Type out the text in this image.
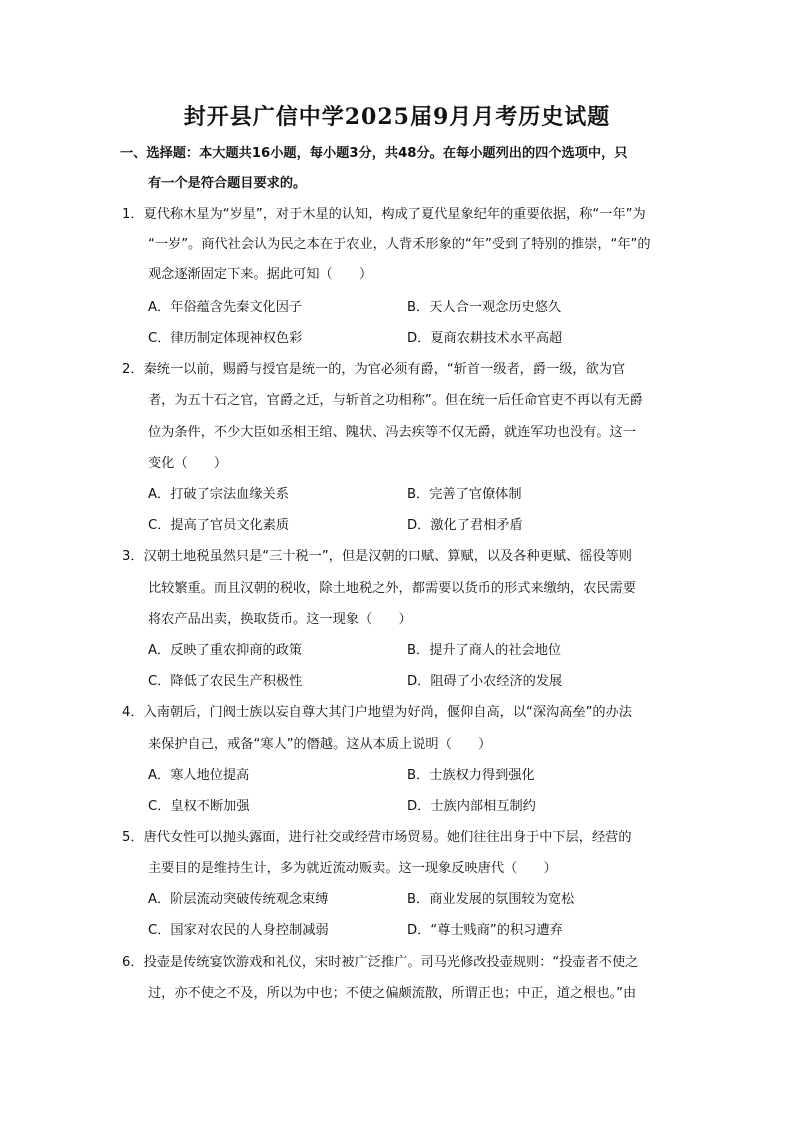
封开县广信中学2025届9月月考历史试题
一、选择题：本大题共16小题，每小题3分，共48分。在每小题列出的四个选项中，只
有一个是符合题目要求的。
1．夏代称木星为“岁星”，对于木星的认知，构成了夏代星象纪年的重要依据，称“一年”为
“一岁”。商代社会认为民之本在于农业，人背禾形象的“年”受到了特别的推崇，“年”的
观念逐渐固定下来。据此可知（　　）
A．年俗蕴含先秦文化因子	B．天人合一观念历史悠久
C．律历制定体现神权色彩	D．夏商农耕技术水平高超
2．秦统一以前，赐爵与授官是统一的，为官必须有爵，“斩首一级者，爵一级，欲为官
者，为五十石之官，官爵之迁，与斩首之功相称”。但在统一后任命官吏不再以有无爵
位为条件，不少大臣如丞相王绾、隗状、冯去疾等不仅无爵，就连军功也没有。这一
变化（　　）
A．打破了宗法血缘关系	B．完善了官僚体制
C．提高了官员文化素质	D．激化了君相矛盾
3．汉朝土地税虽然只是“三十税一”，但是汉朝的口赋、算赋，以及各种更赋、徭役等则
比较繁重。而且汉朝的税收，除土地税之外，都需要以货币的形式来缴纳，农民需要
将农产品出卖，换取货币。这一现象（　　）
A．反映了重农抑商的政策	B．提升了商人的社会地位
C．降低了农民生产积极性	D．阻碍了小农经济的发展
4．入南朝后，门阀士族以妄自尊大其门户地望为好尚，偃仰自高，以“深沟高垒”的办法
来保护自己，戒备“寒人”的僭越。这从本质上说明（　　）
A．寒人地位提高	B．士族权力得到强化
C．皇权不断加强	D．士族内部相互制约
5．唐代女性可以抛头露面，进行社交或经营市场贸易。她们往往出身于中下层，经营的
主要目的是维持生计，多为就近流动贩卖。这一现象反映唐代（　　）
A．阶层流动突破传统观念束缚	B．商业发展的氛围较为宽松
C．国家对农民的人身控制减弱	D．“尊士贱商”的积习遭弃
6．投壶是传统宴饮游戏和礼仪，宋时被广泛推广。司马光修改投壶规则：“投壶者不使之
过，亦不使之不及，所以为中也；不使之偏颇流散，所谓正也；中正，道之根也。”由
